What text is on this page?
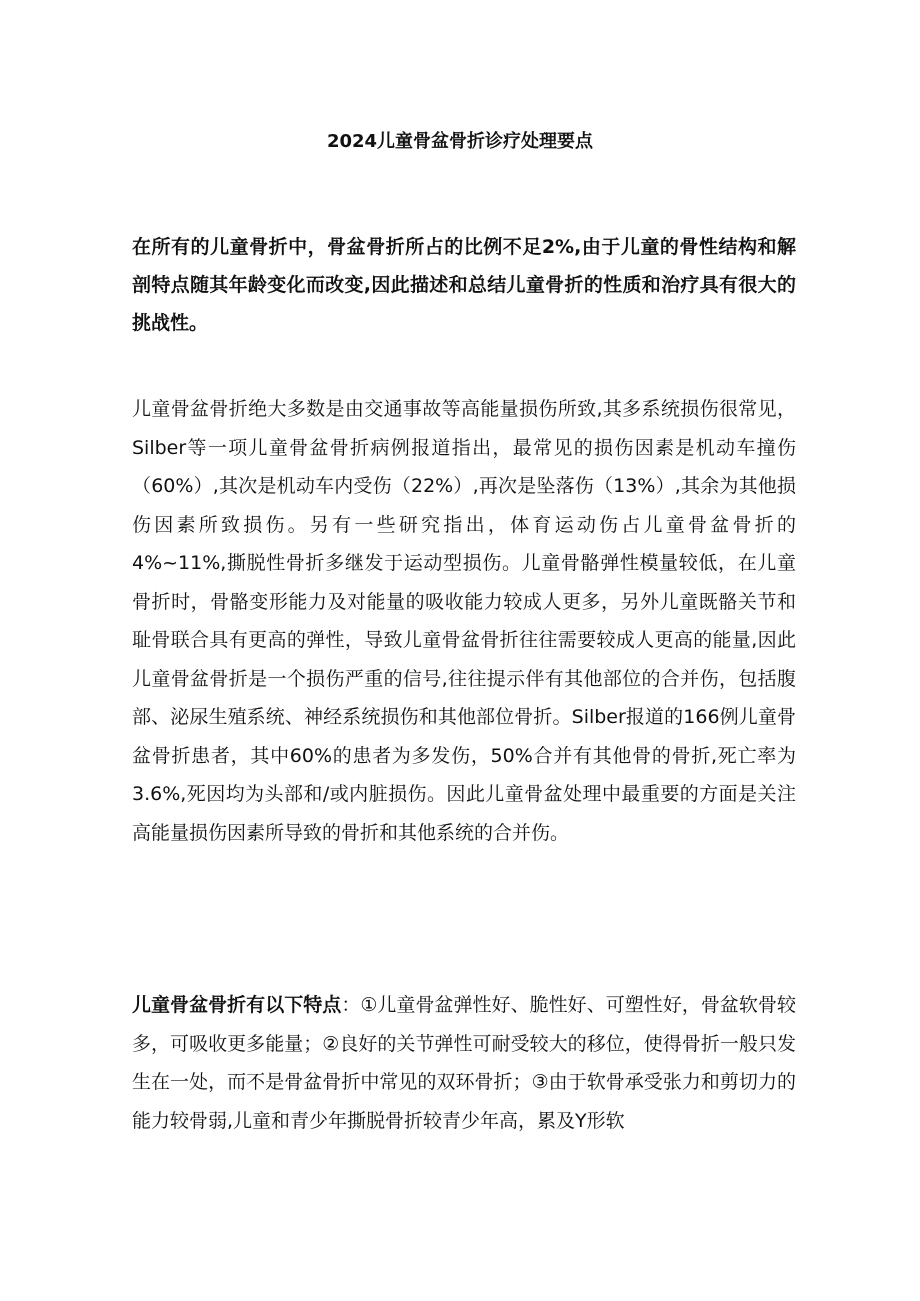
2024儿童骨盆骨折诊疗处理要点

在所有的儿童骨折中，骨盆骨折所占的比例不足2%,由于儿童的骨性结构和解剖特点随其年龄变化而改变,因此描述和总结儿童骨折的性质和治疗具有很大的挑战性。

儿童骨盆骨折绝大多数是由交通事故等高能量损伤所致,其多系统损伤很常见，Silber等一项儿童骨盆骨折病例报道指出，最常见的损伤因素是机动车撞伤（60%）,其次是机动车内受伤（22%）,再次是坠落伤（13%）,其余为其他损伤因素所致损伤。另有一些研究指出，体育运动伤占儿童骨盆骨折的4%~11%,撕脱性骨折多继发于运动型损伤。儿童骨骼弹性模量较低，在儿童骨折时，骨骼变形能力及对能量的吸收能力较成人更多，另外儿童既骼关节和耻骨联合具有更高的弹性，导致儿童骨盆骨折往往需要较成人更高的能量,因此儿童骨盆骨折是一个损伤严重的信号,往往提示伴有其他部位的合并伤，包括腹部、泌尿生殖系统、神经系统损伤和其他部位骨折。Silber报道的166例儿童骨盆骨折患者，其中60%的患者为多发伤，50%合并有其他骨的骨折,死亡率为3.6%,死因均为头部和/或内脏损伤。因此儿童骨盆处理中最重要的方面是关注高能量损伤因素所导致的骨折和其他系统的合并伤。

儿童骨盆骨折有以下特点：①儿童骨盆弹性好、脆性好、可塑性好，骨盆软骨较多，可吸收更多能量；②良好的关节弹性可耐受较大的移位，使得骨折一般只发生在一处，而不是骨盆骨折中常见的双环骨折；③由于软骨承受张力和剪切力的能力较骨弱,儿童和青少年撕脱骨折较青少年高，累及Y形软
